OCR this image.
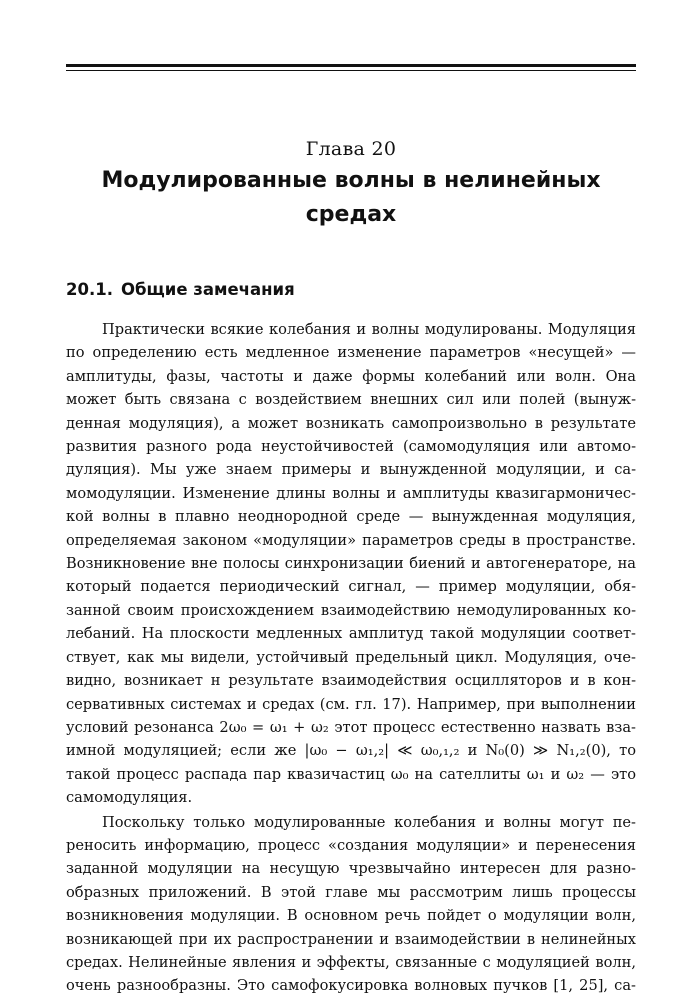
Глава 20
Модулированные волны в нелинейных
средах
20.1. Общие замечания

Практически всякие колебания и волны модулированы. Модуляция
по определению есть медленное изменение параметров «несущей» —
амплитуды, фазы, частоты и даже формы колебаний или волн. Она
может быть связана с воздействием внешних сил или полей (вынуж-
денная модуляция), а может возникать самопроизвольно в результате
развития разного рода неустойчивостей (самомодуляция или автомо-
дуляция). Мы уже знаем примеры и вынужденной модуляции, и са-
момодуляции. Изменение длины волны и амплитуды квазигармоничес-
кой волны в плавно неоднородной среде — вынужденная модуляция,
определяемая законом «модуляции» параметров среды в пространстве.
Возникновение вне полосы синхронизации биений и автогенераторе, на
который подается периодический сигнал, — пример модуляции, обя-
занной своим происхождением взаимодействию немодулированных ко-
лебаний. На плоскости медленных амплитуд такой модуляции соответ-
ствует, как мы видели, устойчивый предельный цикл. Модуляция, оче-
видно, возникает н результате взаимодействия осцилляторов и в кон-
сервативных системах и средах (см. гл. 17). Например, при выполнении
условий резонанса 2ω₀ = ω₁ + ω₂ этот процесс естественно назвать вза-
имной модуляцией; если же |ω₀ − ω₁,₂| ≪ ω₀,₁,₂ и N₀(0) ≫ N₁,₂(0), то
такой процесс распада пар квазичастиц ω₀ на сателлиты ω₁ и ω₂ — это
самомодуляция.

Поскольку только модулированные колебания и волны могут пе-
реносить информацию, процесс «создания модуляции» и перенесения
заданной модуляции на несущую чрезвычайно интересен для разно-
образных приложений. В этой главе мы рассмотрим лишь процессы
возникновения модуляции. В основном речь пойдет о модуляции волн,
возникающей при их распространении и взаимодействии в нелинейных
средах. Нелинейные явления и эффекты, связанные с модуляцией волн,
очень разнообразны. Это самофокусировка волновых пучков [1, 25], са-
